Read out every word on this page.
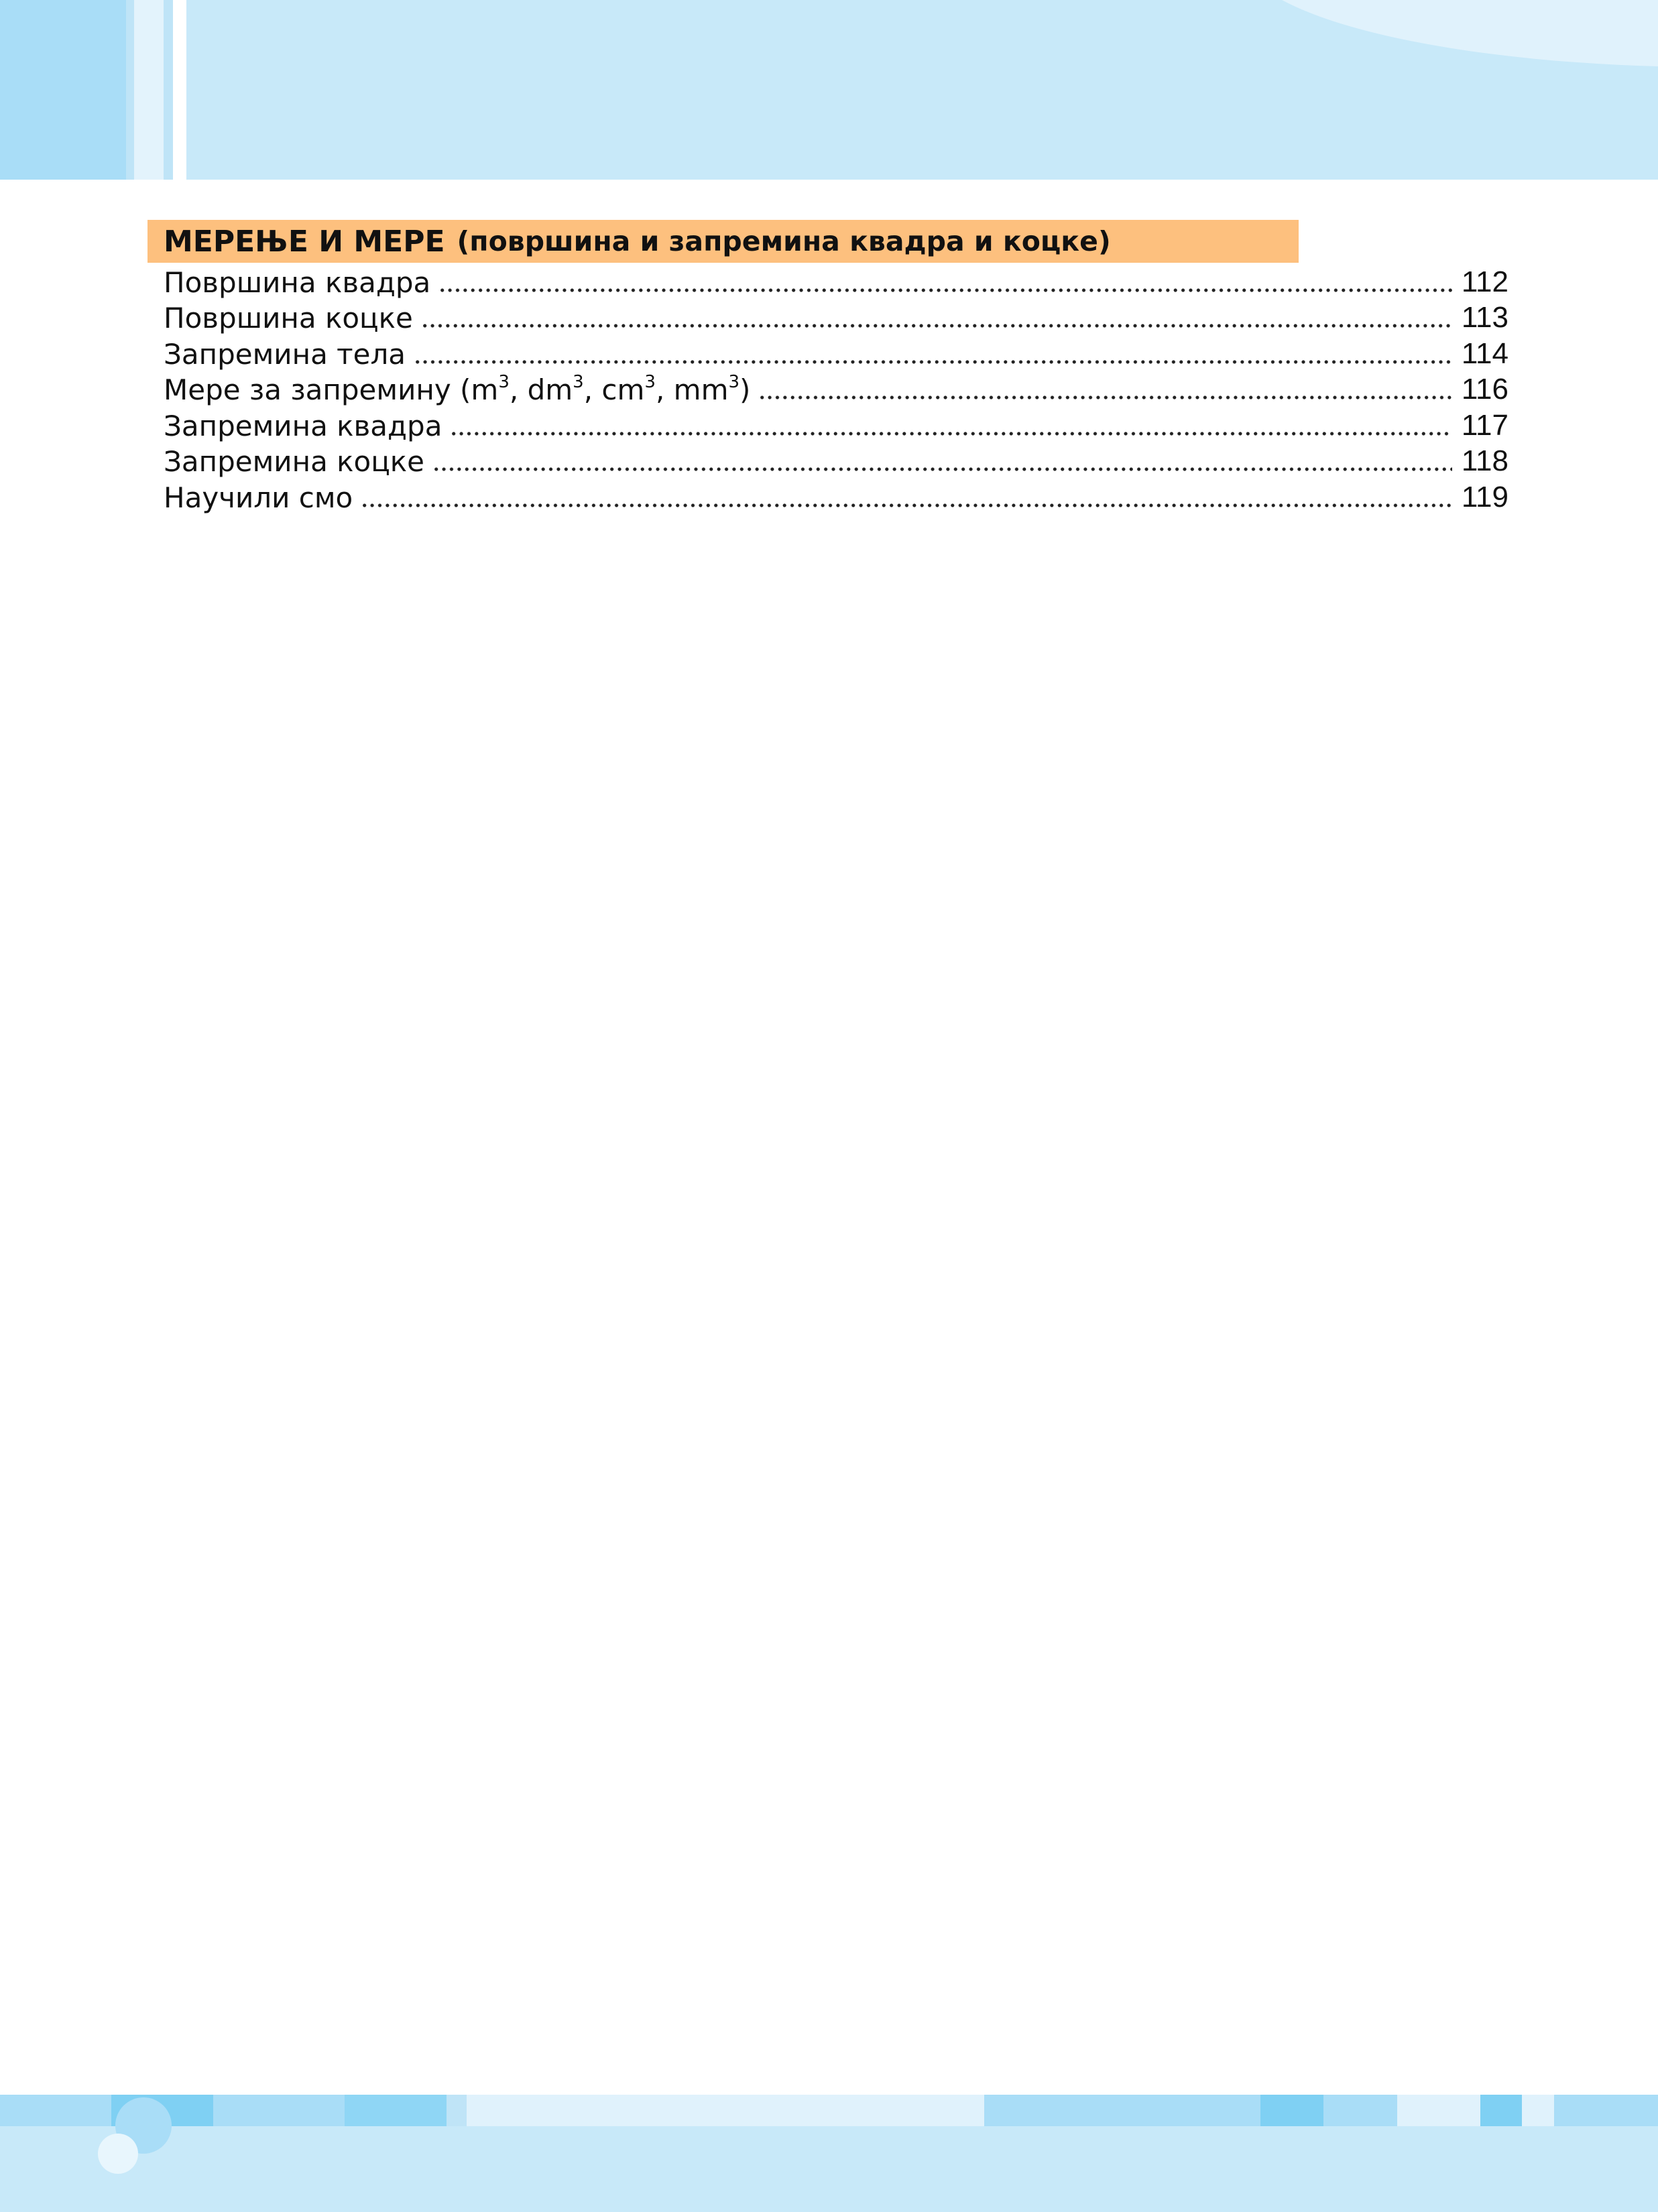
МЕРЕЊЕ И МЕРЕ (површина и запремина квадра и коцке)
Површина квадра	112
Површина коцке	113
Запремина тела	114
Мере за запремину ($m^3$, $dm^3$, $cm^3$, $mm^3$)	116
Запремина квадра	117
Запремина коцке	118
Научили смо	119
